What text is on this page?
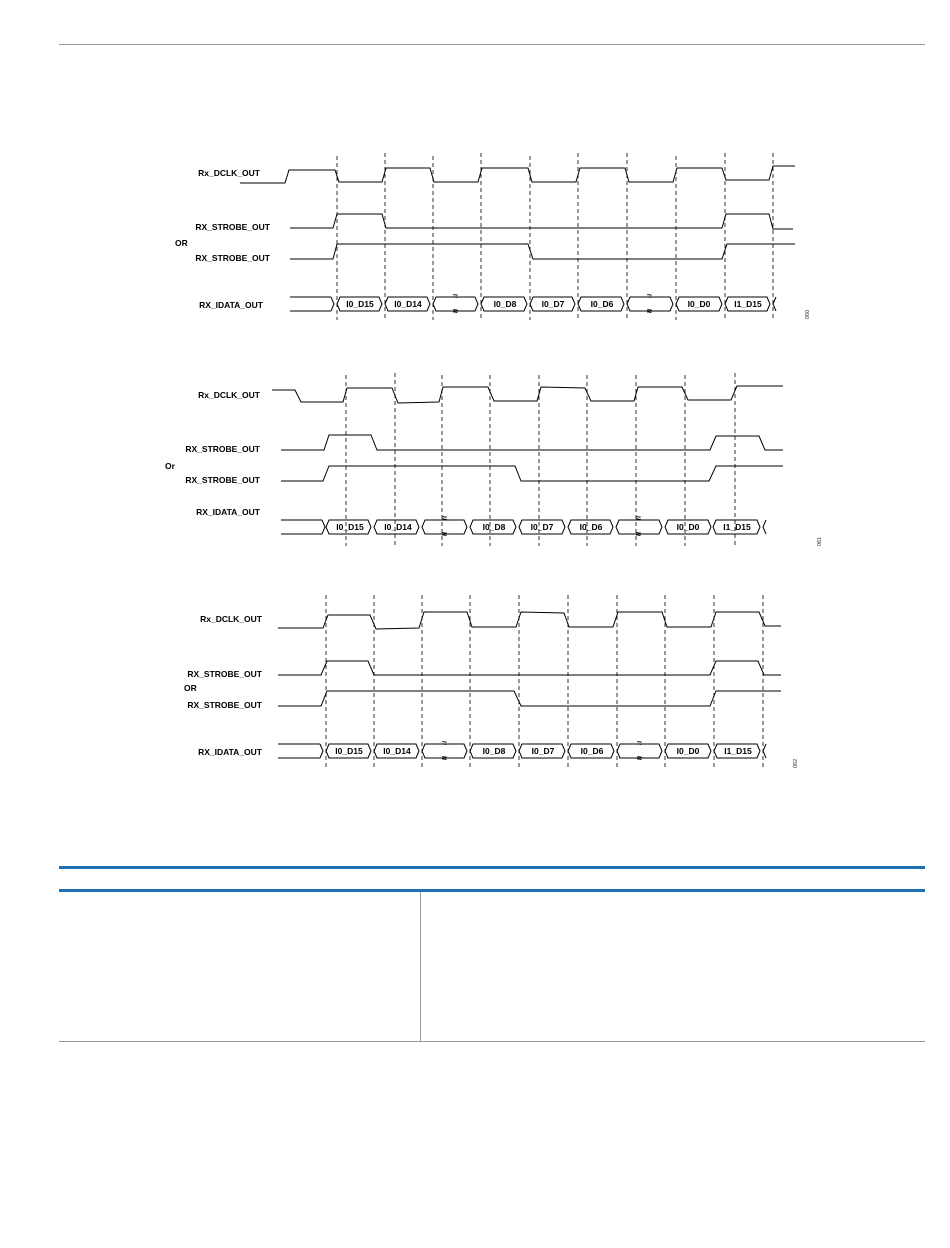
Rx_DCLK_OUT
RX_STROBE_OUT
OR
RX_STROBE_OUT
RX_IDATA_OUT
≈
≈
≈
≈
I0_D15 I0_D14	I0_D8	I0_D7	I0_D6	I0_D0	I1_D15
060
Rx_DCLK_OUT
RX_STROBE_OUT
Or
RX_STROBE_OUT
RX_IDATA_OUT
≈
≈
≈
≈
I0_D15 I0_D14	I0_D8	I0_D7	I0_D6	I0_D0	I1_D15
061
Rx_DCLK_OUT
RX_STROBE_OUT
OR
RX_STROBE_OUT
RX_IDATA_OUT
≈
≈
≈
≈
I0_D15 I0_D14	I0_D8	I0_D7	I0_D6	I0_D0	I1_D15
062
